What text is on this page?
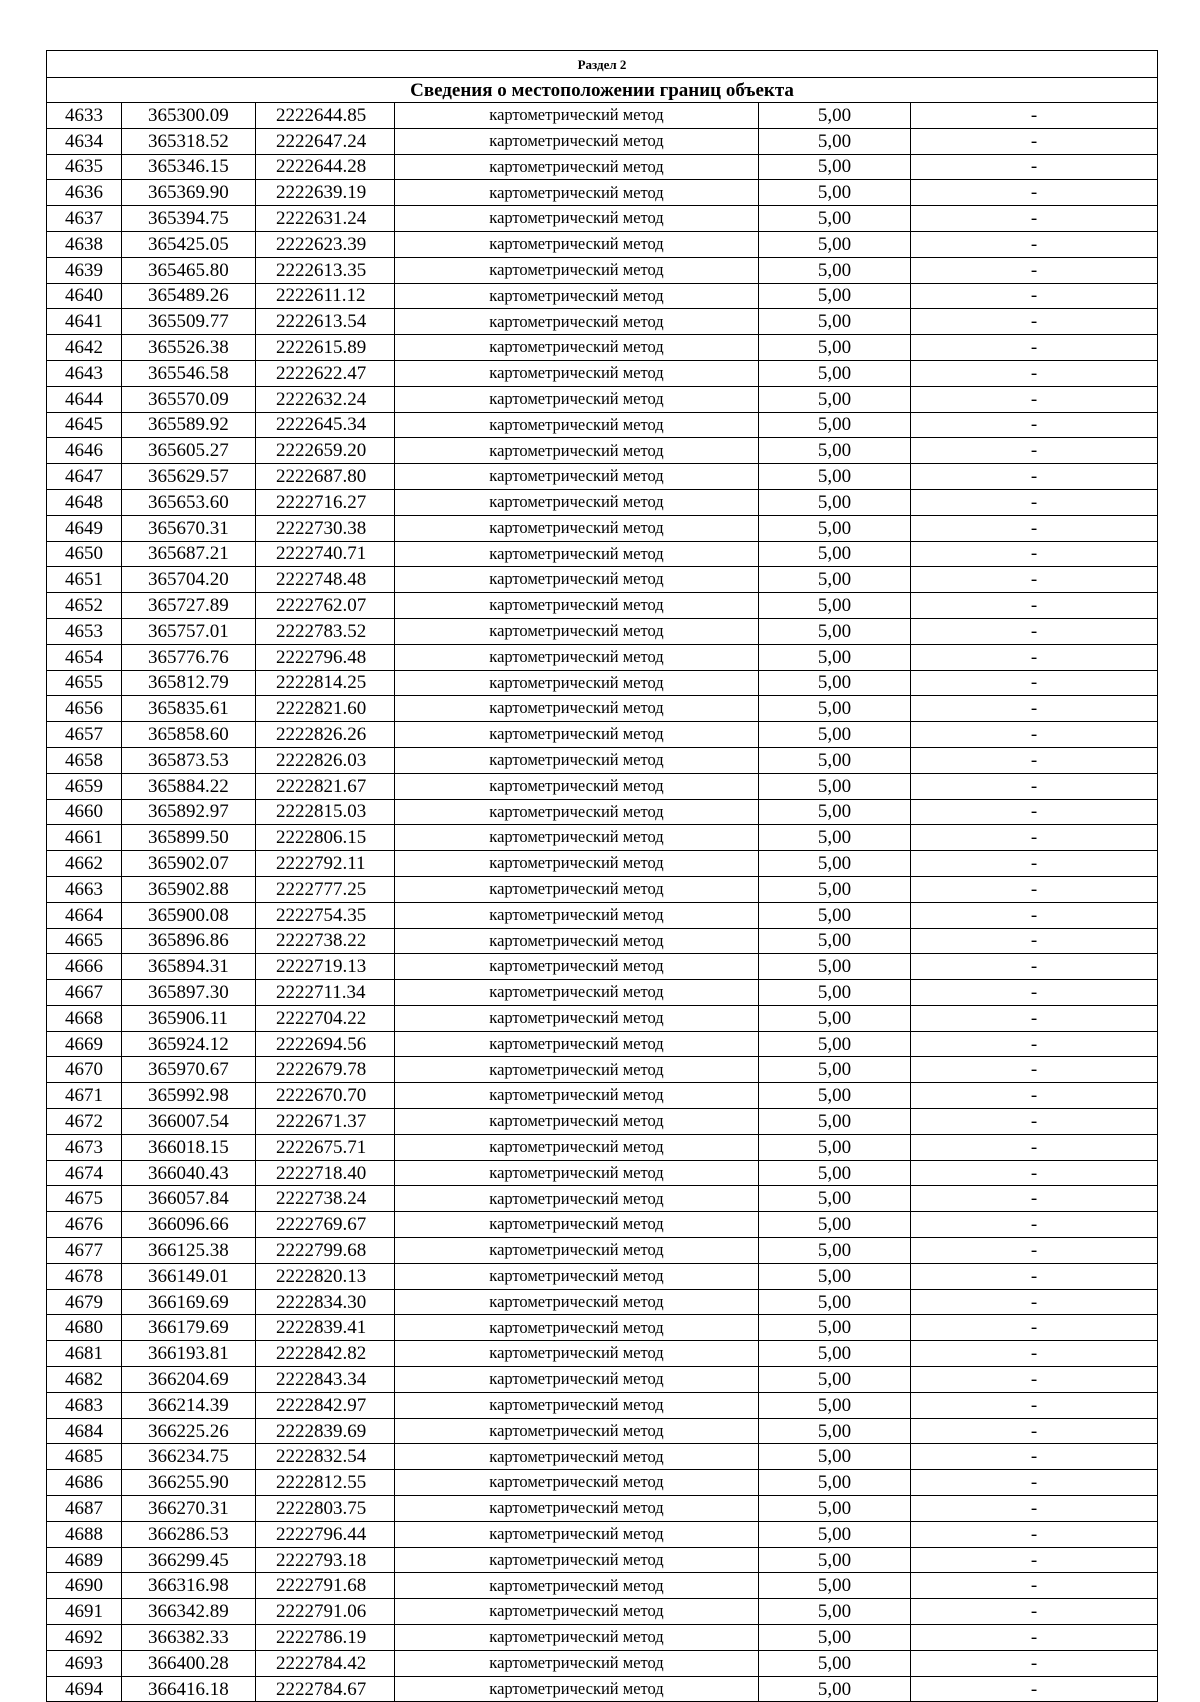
Раздел 2					
Сведения о местоположении границ объекта					
4633	365300.09	2222644.85	картометрический метод	5,00	-
4634	365318.52	2222647.24	картометрический метод	5,00	-
4635	365346.15	2222644.28	картометрический метод	5,00	-
4636	365369.90	2222639.19	картометрический метод	5,00	-
4637	365394.75	2222631.24	картометрический метод	5,00	-
4638	365425.05	2222623.39	картометрический метод	5,00	-
4639	365465.80	2222613.35	картометрический метод	5,00	-
4640	365489.26	2222611.12	картометрический метод	5,00	-
4641	365509.77	2222613.54	картометрический метод	5,00	-
4642	365526.38	2222615.89	картометрический метод	5,00	-
4643	365546.58	2222622.47	картометрический метод	5,00	-
4644	365570.09	2222632.24	картометрический метод	5,00	-
4645	365589.92	2222645.34	картометрический метод	5,00	-
4646	365605.27	2222659.20	картометрический метод	5,00	-
4647	365629.57	2222687.80	картометрический метод	5,00	-
4648	365653.60	2222716.27	картометрический метод	5,00	-
4649	365670.31	2222730.38	картометрический метод	5,00	-
4650	365687.21	2222740.71	картометрический метод	5,00	-
4651	365704.20	2222748.48	картометрический метод	5,00	-
4652	365727.89	2222762.07	картометрический метод	5,00	-
4653	365757.01	2222783.52	картометрический метод	5,00	-
4654	365776.76	2222796.48	картометрический метод	5,00	-
4655	365812.79	2222814.25	картометрический метод	5,00	-
4656	365835.61	2222821.60	картометрический метод	5,00	-
4657	365858.60	2222826.26	картометрический метод	5,00	-
4658	365873.53	2222826.03	картометрический метод	5,00	-
4659	365884.22	2222821.67	картометрический метод	5,00	-
4660	365892.97	2222815.03	картометрический метод	5,00	-
4661	365899.50	2222806.15	картометрический метод	5,00	-
4662	365902.07	2222792.11	картометрический метод	5,00	-
4663	365902.88	2222777.25	картометрический метод	5,00	-
4664	365900.08	2222754.35	картометрический метод	5,00	-
4665	365896.86	2222738.22	картометрический метод	5,00	-
4666	365894.31	2222719.13	картометрический метод	5,00	-
4667	365897.30	2222711.34	картометрический метод	5,00	-
4668	365906.11	2222704.22	картометрический метод	5,00	-
4669	365924.12	2222694.56	картометрический метод	5,00	-
4670	365970.67	2222679.78	картометрический метод	5,00	-
4671	365992.98	2222670.70	картометрический метод	5,00	-
4672	366007.54	2222671.37	картометрический метод	5,00	-
4673	366018.15	2222675.71	картометрический метод	5,00	-
4674	366040.43	2222718.40	картометрический метод	5,00	-
4675	366057.84	2222738.24	картометрический метод	5,00	-
4676	366096.66	2222769.67	картометрический метод	5,00	-
4677	366125.38	2222799.68	картометрический метод	5,00	-
4678	366149.01	2222820.13	картометрический метод	5,00	-
4679	366169.69	2222834.30	картометрический метод	5,00	-
4680	366179.69	2222839.41	картометрический метод	5,00	-
4681	366193.81	2222842.82	картометрический метод	5,00	-
4682	366204.69	2222843.34	картометрический метод	5,00	-
4683	366214.39	2222842.97	картометрический метод	5,00	-
4684	366225.26	2222839.69	картометрический метод	5,00	-
4685	366234.75	2222832.54	картометрический метод	5,00	-
4686	366255.90	2222812.55	картометрический метод	5,00	-
4687	366270.31	2222803.75	картометрический метод	5,00	-
4688	366286.53	2222796.44	картометрический метод	5,00	-
4689	366299.45	2222793.18	картометрический метод	5,00	-
4690	366316.98	2222791.68	картометрический метод	5,00	-
4691	366342.89	2222791.06	картометрический метод	5,00	-
4692	366382.33	2222786.19	картометрический метод	5,00	-
4693	366400.28	2222784.42	картометрический метод	5,00	-
4694	366416.18	2222784.67	картометрический метод	5,00	-
